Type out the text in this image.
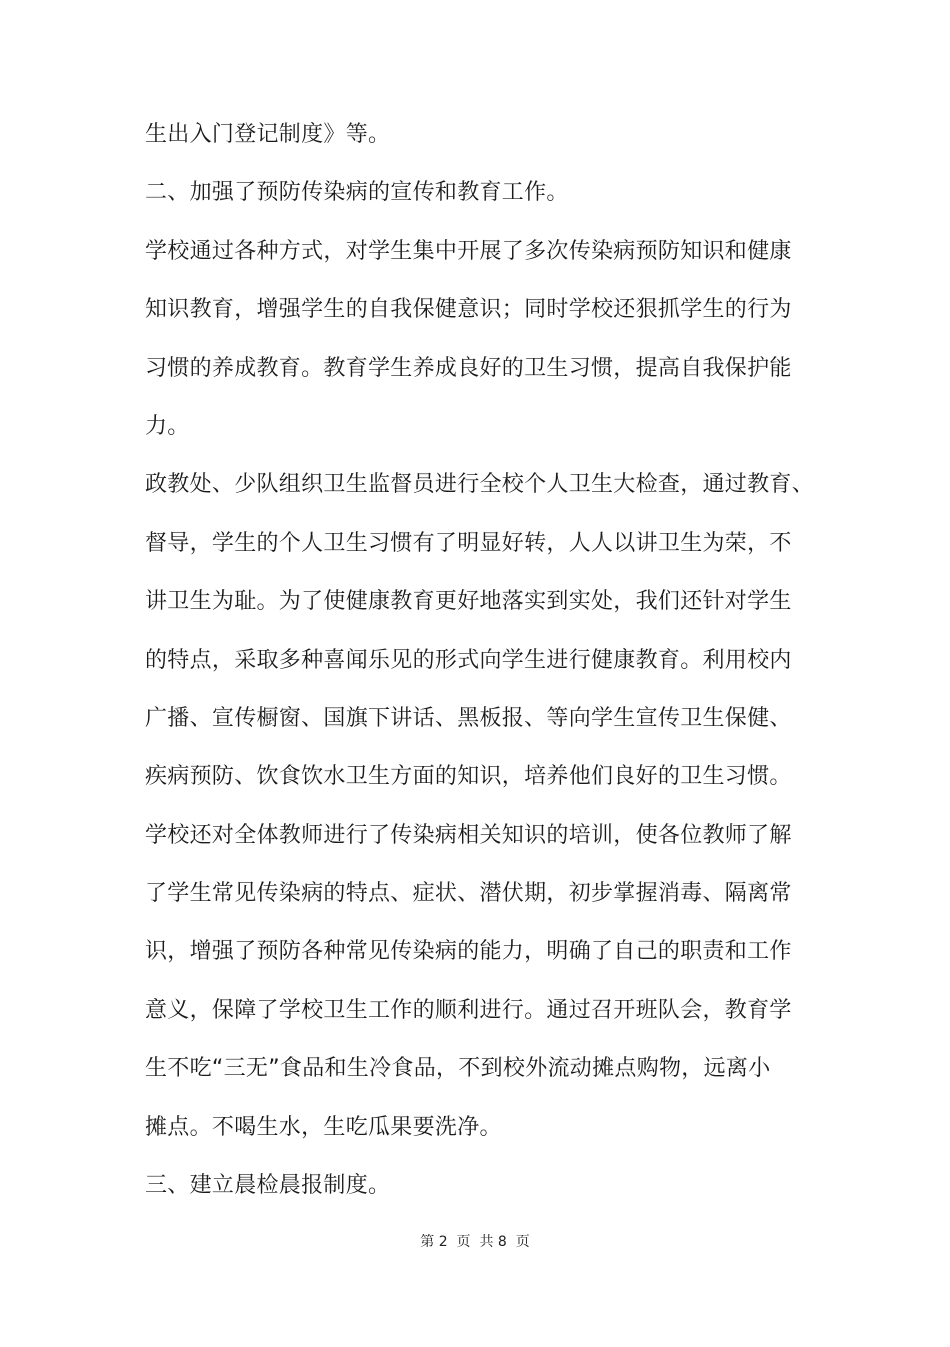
生出入门登记制度》等。
二、加强了预防传染病的宣传和教育工作。
学校通过各种方式，对学生集中开展了多次传染病预防知识和健康
知识教育，增强学生的自我保健意识；同时学校还狠抓学生的行为
习惯的养成教育。教育学生养成良好的卫生习惯，提高自我保护能
力。
政教处、少队组织卫生监督员进行全校个人卫生大检查，通过教育、
督导，学生的个人卫生习惯有了明显好转，人人以讲卫生为荣，不
讲卫生为耻。为了使健康教育更好地落实到实处，我们还针对学生
的特点，采取多种喜闻乐见的形式向学生进行健康教育。利用校内
广播、宣传橱窗、国旗下讲话、黑板报、等向学生宣传卫生保健、
疾病预防、饮食饮水卫生方面的知识，培养他们良好的卫生习惯。
学校还对全体教师进行了传染病相关知识的培训，使各位教师了解
了学生常见传染病的特点、症状、潜伏期，初步掌握消毒、隔离常
识，增强了预防各种常见传染病的能力，明确了自己的职责和工作
意义，保障了学校卫生工作的顺利进行。通过召开班队会，教育学
生不吃“三无”食品和生冷食品，不到校外流动摊点购物，远离小
摊点。不喝生水，生吃瓜果要洗净。
三、建立晨检晨报制度。
第 2  页  共 8  页
